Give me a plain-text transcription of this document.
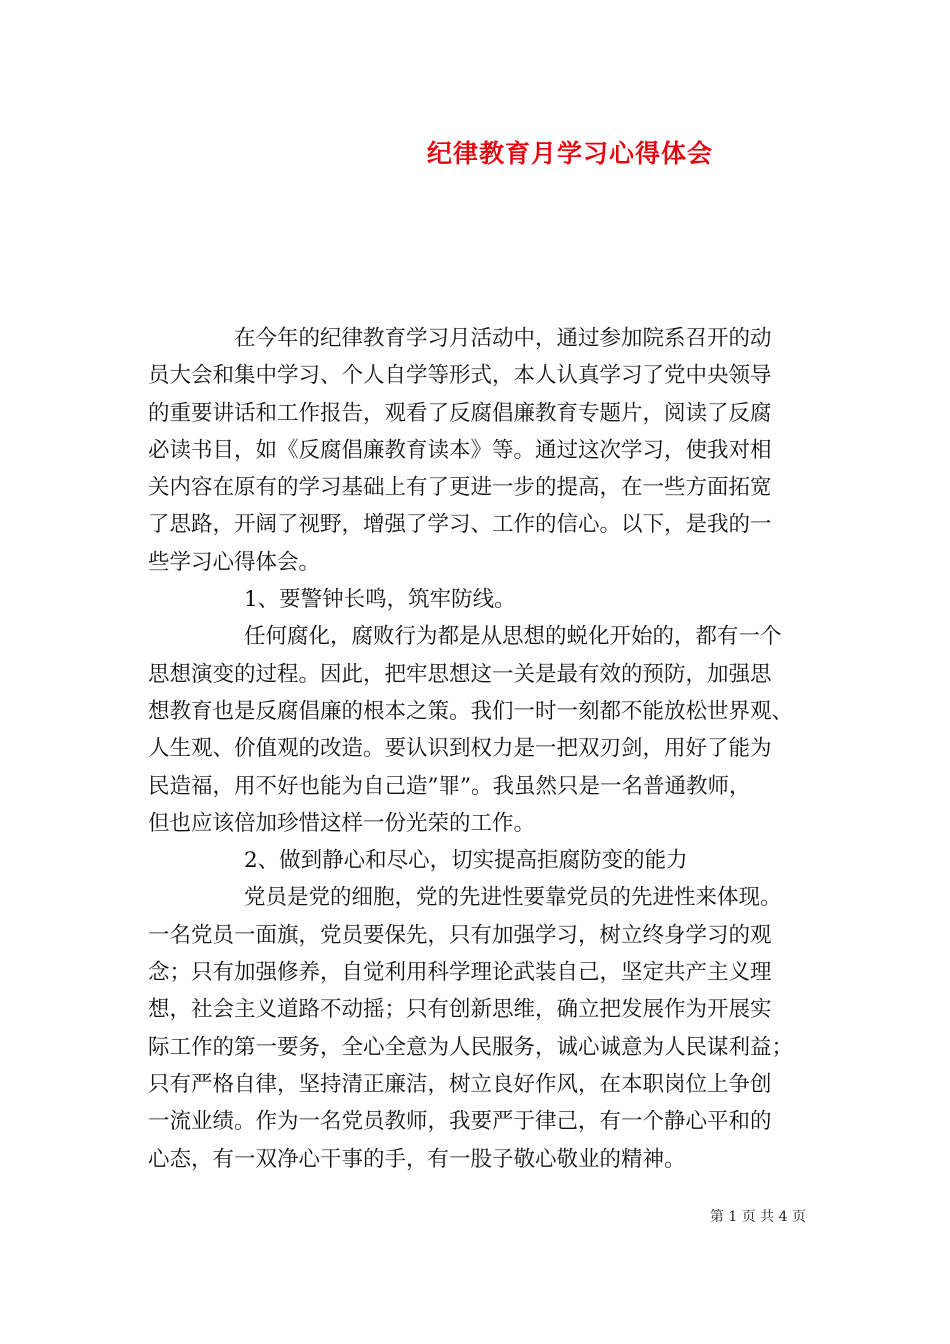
纪律教育月学习心得体会
在今年的纪律教育学习月活动中，通过参加院系召开的动
员大会和集中学习、个人自学等形式，本人认真学习了党中央领导
的重要讲话和工作报告，观看了反腐倡廉教育专题片，阅读了反腐
必读书目，如《反腐倡廉教育读本》等。通过这次学习，使我对相
关内容在原有的学习基础上有了更进一步的提高，在一些方面拓宽
了思路，开阔了视野，增强了学习、工作的信心。以下，是我的一
些学习心得体会。
1、要警钟长鸣，筑牢防线。
任何腐化，腐败行为都是从思想的蜕化开始的，都有一个
思想演变的过程。因此，把牢思想这一关是最有效的预防，加强思
想教育也是反腐倡廉的根本之策。我们一时一刻都不能放松世界观、
人生观、价值观的改造。要认识到权力是一把双刃剑，用好了能为
民造福，用不好也能为自己造”罪”。我虽然只是一名普通教师，
但也应该倍加珍惜这样一份光荣的工作。
2、做到静心和尽心，切实提高拒腐防变的能力
党员是党的细胞，党的先进性要靠党员的先进性来体现。
一名党员一面旗，党员要保先，只有加强学习，树立终身学习的观
念；只有加强修养，自觉利用科学理论武装自己，坚定共产主义理
想，社会主义道路不动摇；只有创新思维，确立把发展作为开展实
际工作的第一要务，全心全意为人民服务，诚心诚意为人民谋利益；
只有严格自律，坚持清正廉洁，树立良好作风，在本职岗位上争创
一流业绩。作为一名党员教师，我要严于律己，有一个静心平和的
心态，有一双净心干事的手，有一股子敬心敬业的精神。
第 1 页 共 4 页
